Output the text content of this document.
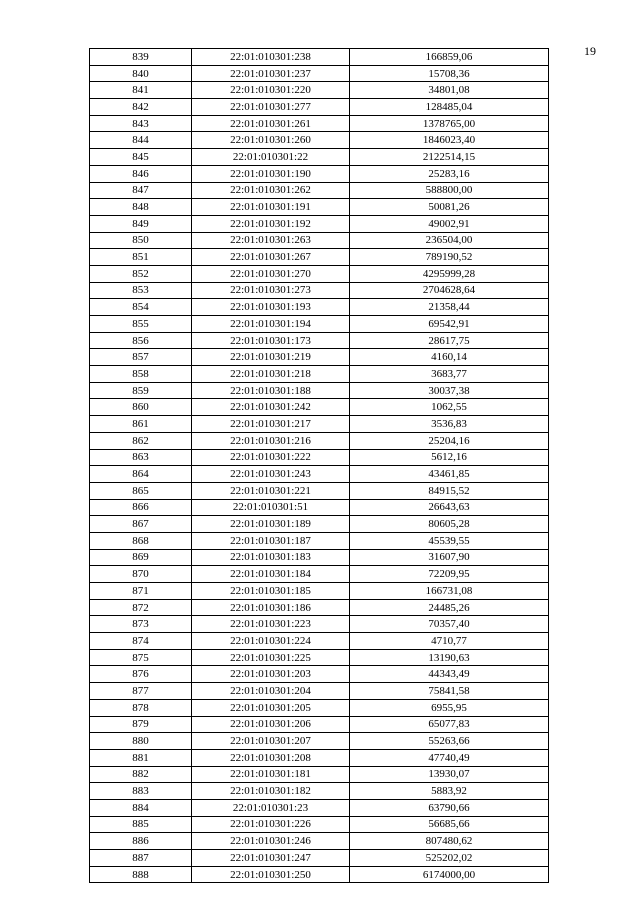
19
839	22:01:010301:238	166859,06
840	22:01:010301:237	15708,36
841	22:01:010301:220	34801,08
842	22:01:010301:277	128485,04
843	22:01:010301:261	1378765,00
844	22:01:010301:260	1846023,40
845	22:01:010301:22	2122514,15
846	22:01:010301:190	25283,16
847	22:01:010301:262	588800,00
848	22:01:010301:191	50081,26
849	22:01:010301:192	49002,91
850	22:01:010301:263	236504,00
851	22:01:010301:267	789190,52
852	22:01:010301:270	4295999,28
853	22:01:010301:273	2704628,64
854	22:01:010301:193	21358,44
855	22:01:010301:194	69542,91
856	22:01:010301:173	28617,75
857	22:01:010301:219	4160,14
858	22:01:010301:218	3683,77
859	22:01:010301:188	30037,38
860	22:01:010301:242	1062,55
861	22:01:010301:217	3536,83
862	22:01:010301:216	25204,16
863	22:01:010301:222	5612,16
864	22:01:010301:243	43461,85
865	22:01:010301:221	84915,52
866	22:01:010301:51	26643,63
867	22:01:010301:189	80605,28
868	22:01:010301:187	45539,55
869	22:01:010301:183	31607,90
870	22:01:010301:184	72209,95
871	22:01:010301:185	166731,08
872	22:01:010301:186	24485,26
873	22:01:010301:223	70357,40
874	22:01:010301:224	4710,77
875	22:01:010301:225	13190,63
876	22:01:010301:203	44343,49
877	22:01:010301:204	75841,58
878	22:01:010301:205	6955,95
879	22:01:010301:206	65077,83
880	22:01:010301:207	55263,66
881	22:01:010301:208	47740,49
882	22:01:010301:181	13930,07
883	22:01:010301:182	5883,92
884	22:01:010301:23	63790,66
885	22:01:010301:226	56685,66
886	22:01:010301:246	807480,62
887	22:01:010301:247	525202,02
888	22:01:010301:250	6174000,00
